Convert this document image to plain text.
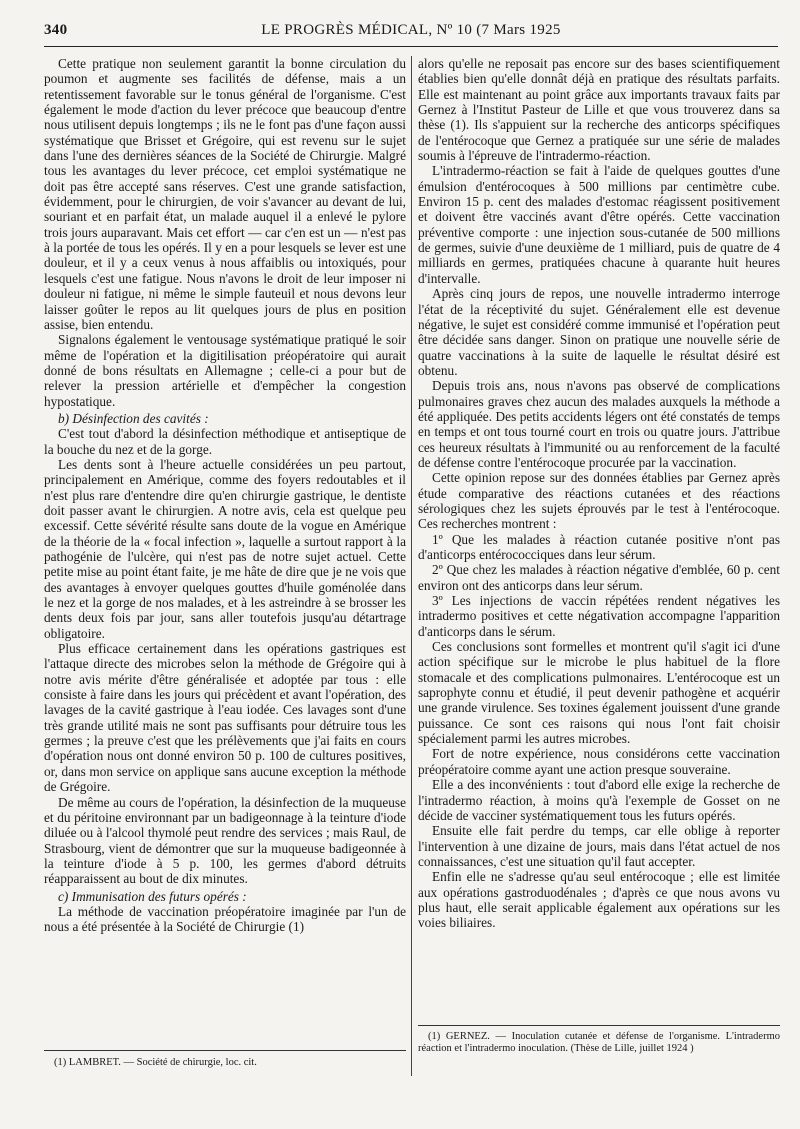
340	LE PROGRÈS MÉDICAL, Nº 10 (7 Mars 1925

Cette pratique non seulement garantit la bonne circulation du poumon et augmente ses facilités de défense, mais a un retentissement favorable sur le tonus général de l'organisme. C'est également le mode d'action du lever précoce que beaucoup d'entre nous utilisent depuis longtemps ; ils ne le font pas d'une façon aussi systématique que Brisset et Grégoire, qui est revenu sur le sujet dans l'une des dernières séances de la Société de Chirurgie. Malgré tous les avantages du lever précoce, cet emploi systématique ne doit pas être accepté sans réserves. C'est une grande satisfaction, évidemment, pour le chirurgien, de voir s'avancer au devant de lui, souriant et en parfait état, un malade auquel il a enlevé le pylore trois jours auparavant. Mais cet effort — car c'en est un — n'est pas à la portée de tous les opérés. Il y en a pour lesquels se lever est une douleur, et il y a ceux venus à nous affaiblis ou intoxiqués, pour lesquels c'est une fatigue. Nous n'avons le droit de leur imposer ni douleur ni fatigue, ni même le simple fauteuil et nous devons leur laisser goûter le repos au lit quelques jours de plus en position assise, bien entendu.

Signalons également le ventousage systématique pratiqué le soir même de l'opération et la digitilisation préopératoire qui aurait donné de bons résultats en Allemagne ; celle-ci a pour but de relever la pression artérielle et d'empêcher la congestion hypostatique.

b) Désinfection des cavités :

C'est tout d'abord la désinfection méthodique et antiseptique de la bouche du nez et de la gorge.

Les dents sont à l'heure actuelle considérées un peu partout, principalement en Amérique, comme des foyers redoutables et il n'est plus rare d'entendre dire qu'en chirurgie gastrique, le dentiste doit passer avant le chirurgien. A notre avis, cela est quelque peu excessif. Cette sévérité résulte sans doute de la vogue en Amérique de la théorie de la « focal infection », laquelle a surtout rapport à la pathogénie de l'ulcère, qui n'est pas de notre sujet actuel. Cette petite mise au point étant faite, je me hâte de dire que je ne vois que des avantages à envoyer quelques gouttes d'huile goménolée dans le nez et la gorge de nos malades, et à les astreindre à se brosser les dents deux fois par jour, sans aller toutefois jusqu'au détartrage obligatoire.

Plus efficace certainement dans les opérations gastriques est l'attaque directe des microbes selon la méthode de Grégoire qui à notre avis mérite d'être généralisée et adoptée par tous : elle consiste à faire dans les jours qui précèdent et avant l'opération, des lavages de la cavité gastrique à l'eau iodée. Ces lavages sont d'une très grande utilité mais ne sont pas suffisants pour détruire tous les germes ; la preuve c'est que les prélèvements que j'ai faits en cours d'opération nous ont donné environ 50 p. 100 de cultures positives, or, dans mon service on applique sans aucune exception la méthode de Grégoire.

De même au cours de l'opération, la désinfection de la muqueuse et du péritoine environnant par un badigeonnage à la teinture d'iode diluée ou à l'alcool thymolé peut rendre des services ; mais Raul, de Strasbourg, vient de démontrer que sur la muqueuse badigeonnée à la teinture d'iode à 5 p. 100, les germes d'abord détruits réapparaissent au bout de dix minutes.

c) Immunisation des futurs opérés :

La méthode de vaccination préopératoire imaginée par l'un de nous a été présentée à la Société de Chirurgie (1)

alors qu'elle ne reposait pas encore sur des bases scientifiquement établies bien qu'elle donnât déjà en pratique des résultats parfaits. Elle est maintenant au point grâce aux importants travaux faits par Gernez à l'Institut Pasteur de Lille et que vous trouverez dans sa thèse (1). Ils s'appuient sur la recherche des anticorps spécifiques de l'entérocoque que Gernez a pratiquée sur une série de malades soumis à l'épreuve de l'intradermo-réaction.

L'intradermo-réaction se fait à l'aide de quelques gouttes d'une émulsion d'entérocoques à 500 millions par centimètre cube. Environ 15 p. cent des malades d'estomac réagissent positivement et doivent être vaccinés avant d'être opérés. Cette vaccination préventive comporte : une injection sous-cutanée de 500 millions de germes, suivie d'une deuxième de 1 milliard, puis de quatre de 4 milliards en germes, pratiquées chacune à quarante huit heures d'intervalle.

Après cinq jours de repos, une nouvelle intradermo interroge l'état de la réceptivité du sujet. Généralement elle est devenue négative, le sujet est considéré comme immunisé et l'opération peut être décidée sans danger. Sinon on pratique une nouvelle série de quatre vaccinations à la suite de laquelle le résultat désiré est obtenu.

Depuis trois ans, nous n'avons pas observé de complications pulmonaires graves chez aucun des malades auxquels la méthode a été appliquée. Des petits accidents légers ont été constatés de temps en temps et ont tous tourné court en trois ou quatre jours. J'attribue ces heureux résultats à l'immunité ou au renforcement de la faculté de défense contre l'entérocoque procurée par la vaccination.

Cette opinion repose sur des données établies par Gernez après étude comparative des réactions cutanées et des réactions sérologiques chez les sujets éprouvés par le test à l'entérocoque. Ces recherches montrent :

1º Que les malades à réaction cutanée positive n'ont pas d'anticorps entérococciques dans leur sérum.

2º Que chez les malades à réaction négative d'emblée, 60 p. cent environ ont des anticorps dans leur sérum.

3º Les injections de vaccin répétées rendent négatives les intradermo positives et cette négativation accompagne l'apparition d'anticorps dans le sérum.

Ces conclusions sont formelles et montrent qu'il s'agit ici d'une action spécifique sur le microbe le plus habituel de la flore stomacale et des complications pulmonaires. L'entérocoque est un saprophyte connu et étudié, il peut devenir pathogène et acquérir une grande virulence. Ses toxines également jouissent d'une grande puissance. Ce sont ces raisons qui nous l'ont fait choisir spécialement parmi les autres microbes.

Fort de notre expérience, nous considérons cette vaccination préopératoire comme ayant une action presque souveraine.

Elle a des inconvénients : tout d'abord elle exige la recherche de l'intradermo réaction, à moins qu'à l'exemple de Gosset on ne décide de vacciner systématiquement tous les futurs opérés.

Ensuite elle fait perdre du temps, car elle oblige à reporter l'intervention à une dizaine de jours, mais dans l'état actuel de nos connaissances, c'est une situation qu'il faut accepter.

Enfin elle ne s'adresse qu'au seul entérocoque ; elle est limitée aux opérations gastroduodénales ; d'après ce que nous avons vu plus haut, elle serait applicable également aux opérations sur les voies biliaires.

(1) GERNEZ. — Inoculation cutanée et défense de l'organisme. L'intradermo réaction et l'intradermo inoculation. (Thèse de Lille, juillet 1924 )

(1) LAMBRET. — Société de chirurgie, loc. cit.
